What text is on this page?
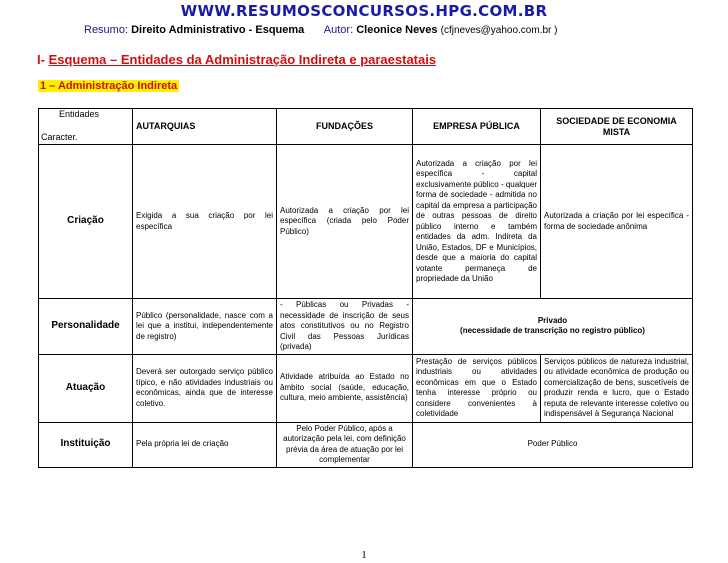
WWW.RESUMOSCONCURSOS.HPG.COM.BR
Resumo: Direito Administrativo - Esquema Autor: Cleonice Neves (cfjneves@yahoo.com.br )
I- Esquema – Entidades da Administração Indireta e paraestatais
1 – Administração Indireta
Entidades
Caracter.	AUTARQUIAS	FUNDAÇÕES	EMPRESA PÚBLICA	SOCIEDADE DE ECONOMIA MISTA
Criação	Exigida a sua criação por lei específica	Autorizada a criação por lei específica (criada pelo Poder Público)	Autorizada a criação por lei específica - capital exclusivamente público - qualquer forma de sociedade - admitida no capital da empresa a participação de outras pessoas de direito público interno e também entidades da adm. Indireta da União, Estados, DF e Municípios, desde que a maioria do capital votante permaneça de propriedade da União	Autorizada a criação por lei específica - forma de sociedade anônima
Personalidade	Público (personalidade, nasce com a lei que a institui, independentemente de registro)	- Públicas ou Privadas - necessidade de inscrição de seus atos constitutivos ou no Registro Civil das Pessoas Jurídicas (privada)	Privado
(necessidade de transcrição no registro público)	

Atuação	Deverá ser outorgado serviço público típico, e não atividades industriais ou econômicas, ainda que de interesse coletivo.	Atividade atribuída ao Estado no âmbito social (saúde, educação, cultura, meio ambiente, assistência)	Prestação de serviços públicos industriais ou atividades econômicas em que o Estado tenha interesse próprio ou considere convenientes à coletividade	Serviços públicos de natureza industrial, ou atividade econômica de produção ou comercialização de bens, suscetíveis de produzir renda e lucro, que o Estado reputa de relevante interesse coletivo ou indispensável à Segurança Nacional
Instituição	Pela própria lei de criação	Pelo Poder Público, após a autorização pela lei, com definição prévia da área de atuação por lei complementar	Poder Público	
1
